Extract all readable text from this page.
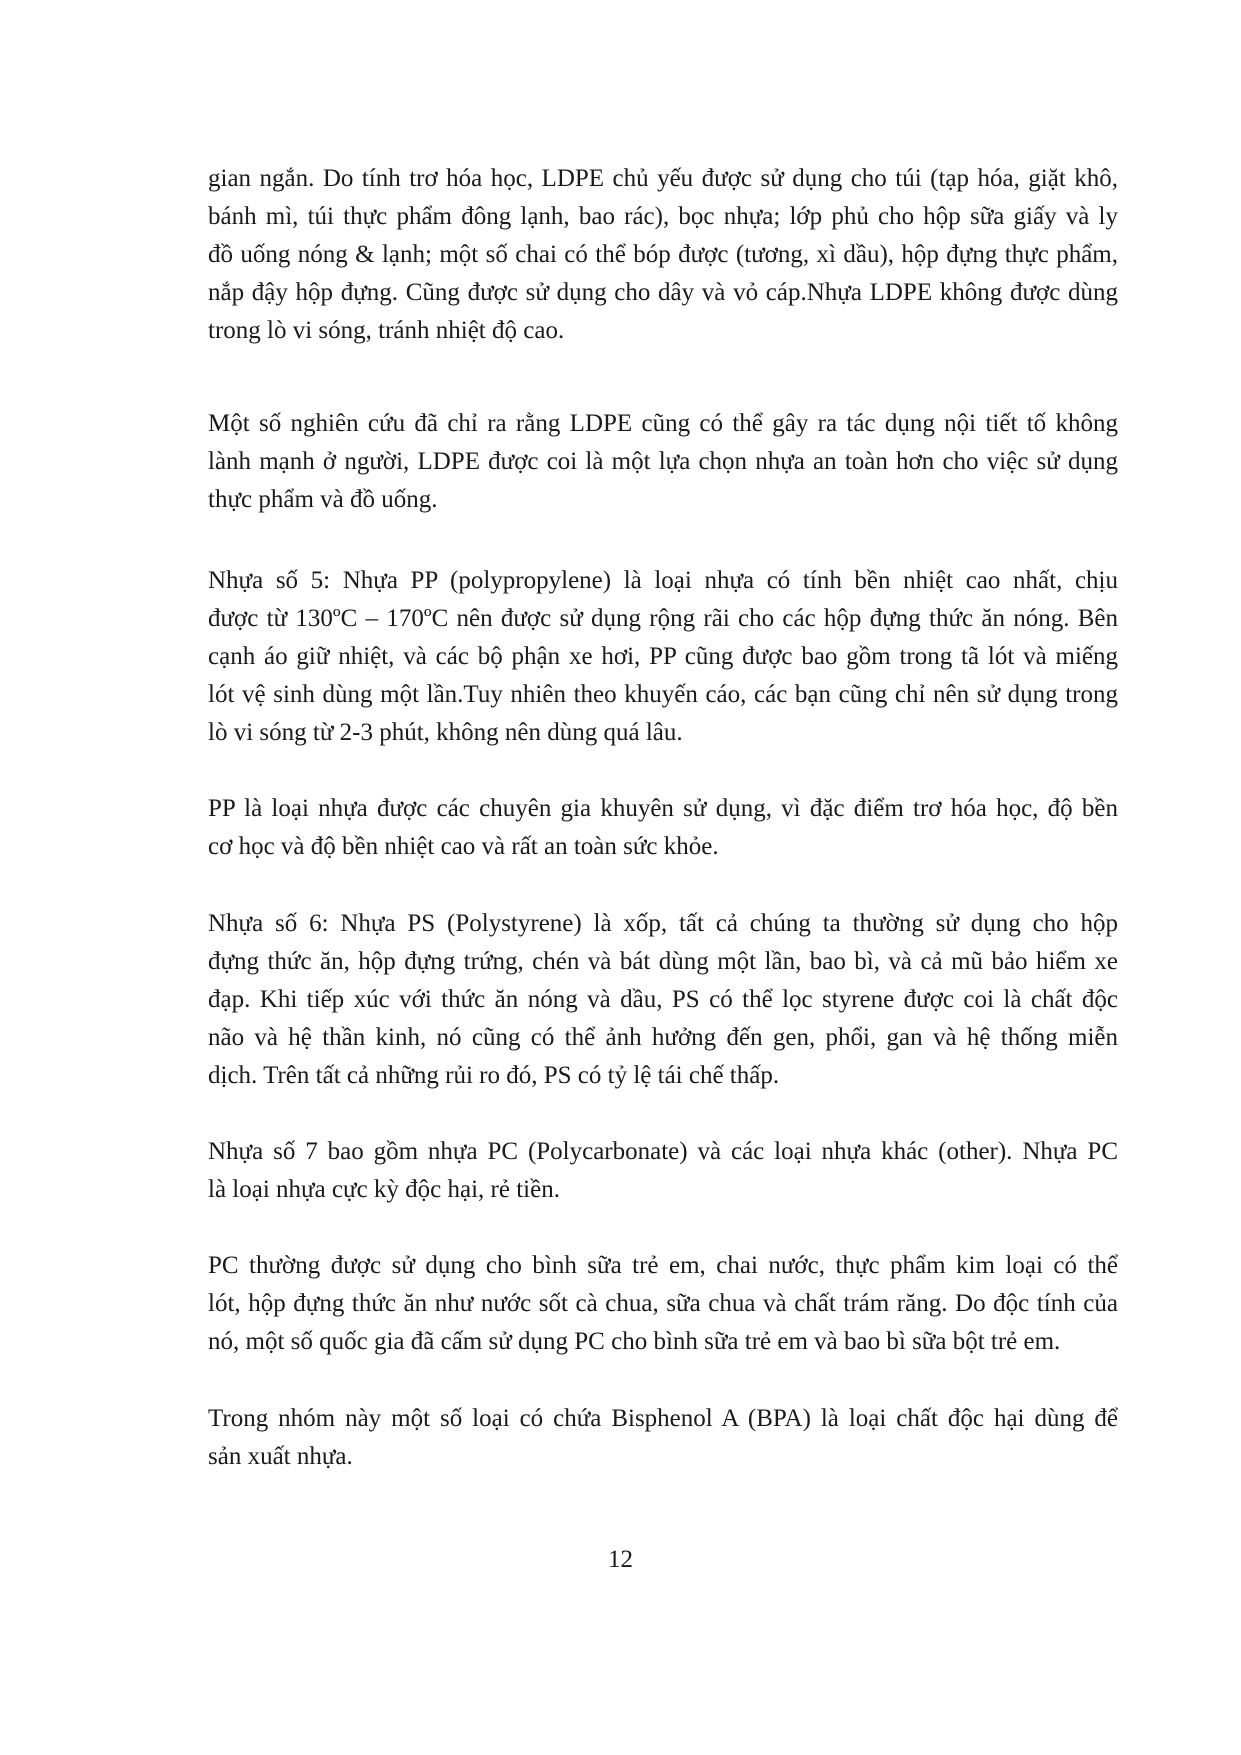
gian ngắn. Do tính trơ hóa học, LDPE chủ yếu được sử dụng cho túi (tạp hóa, giặt khô,
bánh mì, túi thực phẩm đông lạnh, bao rác), bọc nhựa; lớp phủ cho hộp sữa giấy và ly
đồ uống nóng & lạnh; một số chai có thể bóp được (tương, xì dầu), hộp đựng thực phẩm,
nắp đậy hộp đựng. Cũng được sử dụng cho dây và vỏ cáp.Nhựa LDPE không được dùng
trong lò vi sóng, tránh nhiệt độ cao.

Một số nghiên cứu đã chỉ ra rằng LDPE cũng có thể gây ra tác dụng nội tiết tố không
lành mạnh ở người, LDPE được coi là một lựa chọn nhựa an toàn hơn cho việc sử dụng
thực phẩm và đồ uống.

Nhựa số 5: Nhựa PP (polypropylene) là loại nhựa có tính bền nhiệt cao nhất, chịu
được từ 130ºC – 170ºC nên được sử dụng rộng rãi cho các hộp đựng thức ăn nóng. Bên
cạnh áo giữ nhiệt, và các bộ phận xe hơi, PP cũng được bao gồm trong tã lót và miếng
lót vệ sinh dùng một lần.Tuy nhiên theo khuyến cáo, các bạn cũng chỉ nên sử dụng trong
lò vi sóng từ 2-3 phút, không nên dùng quá lâu.

PP là loại nhựa được các chuyên gia khuyên sử dụng, vì đặc điểm trơ hóa học, độ bền
cơ học và độ bền nhiệt cao và rất an toàn sức khỏe.

Nhựa số 6: Nhựa PS (Polystyrene) là xốp, tất cả chúng ta thường sử dụng cho hộp
đựng thức ăn, hộp đựng trứng, chén và bát dùng một lần, bao bì, và cả mũ bảo hiểm xe
đạp. Khi tiếp xúc với thức ăn nóng và dầu, PS có thể lọc styrene được coi là chất độc
não và hệ thần kinh, nó cũng có thể ảnh hưởng đến gen, phổi, gan và hệ thống miễn
dịch. Trên tất cả những rủi ro đó, PS có tỷ lệ tái chế thấp.

Nhựa số 7 bao gồm nhựa PC (Polycarbonate) và các loại nhựa khác (other). Nhựa PC
là loại nhựa cực kỳ độc hại, rẻ tiền.

PC thường được sử dụng cho bình sữa trẻ em, chai nước, thực phẩm kim loại có thể
lót, hộp đựng thức ăn như nước sốt cà chua, sữa chua và chất trám răng. Do độc tính của
nó, một số quốc gia đã cấm sử dụng PC cho bình sữa trẻ em và bao bì sữa bột trẻ em.

Trong nhóm này một số loại có chứa Bisphenol A (BPA) là loại chất độc hại dùng để
sản xuất nhựa.

12
